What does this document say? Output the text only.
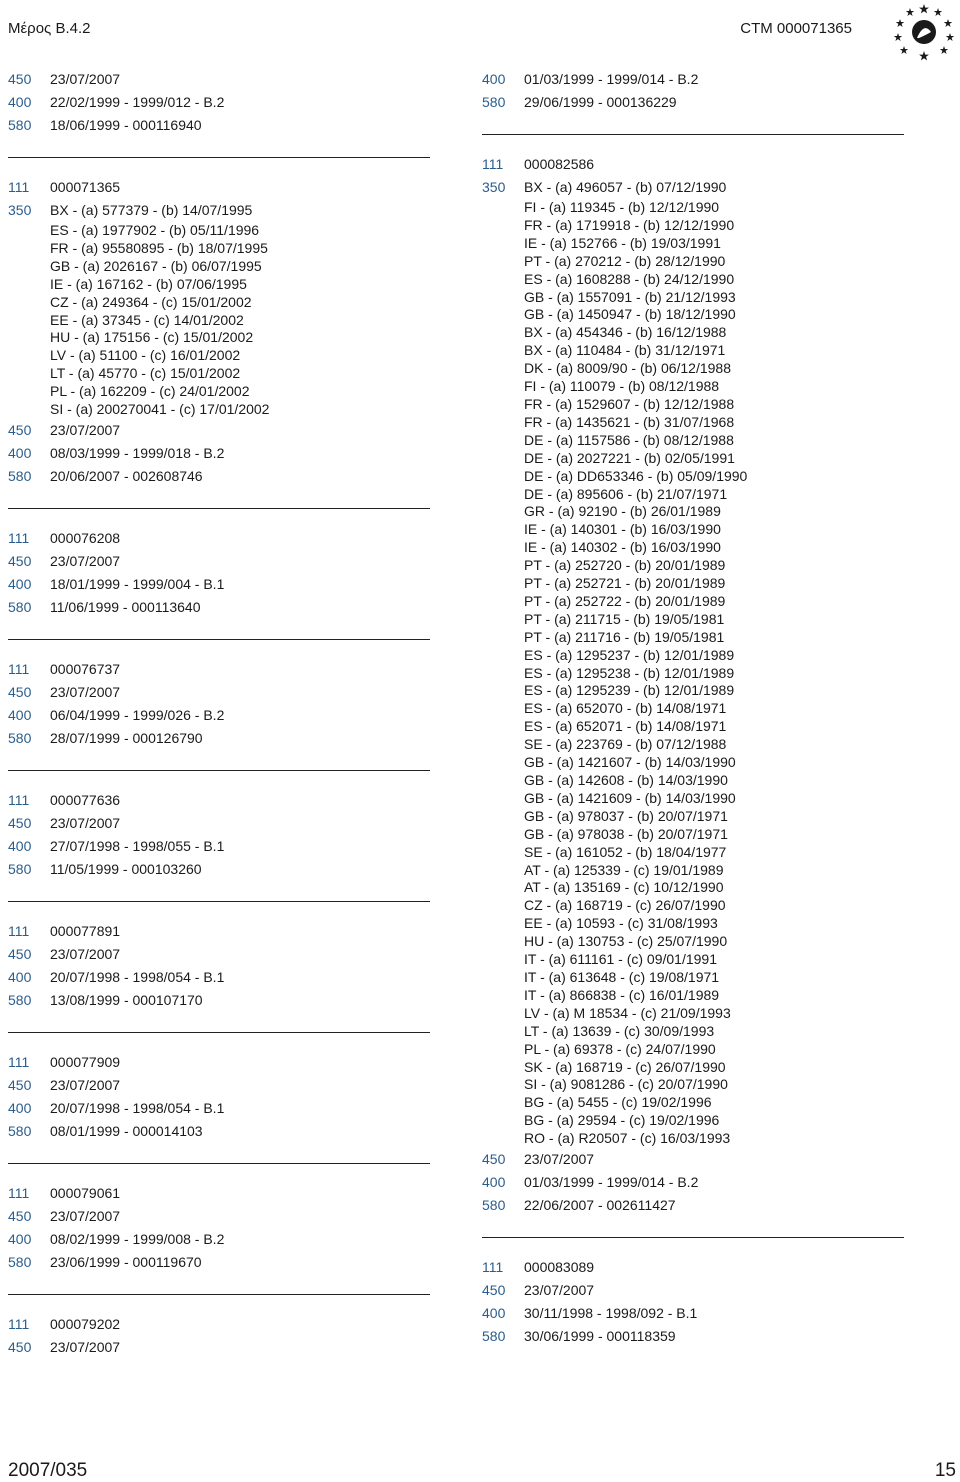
Μέρος Β.4.2	CTM 000071365
450	23/07/2007
400	22/02/1999 - 1999/012 - B.2
580	18/06/1999 - 000116940
111	000071365
350	BX - (a) 577379 - (b) 14/07/1995
ES - (a) 1977902 - (b) 05/11/1996
FR - (a) 95580895 - (b) 18/07/1995
GB - (a) 2026167 - (b) 06/07/1995
IE - (a) 167162 - (b) 07/06/1995
CZ - (a) 249364 - (c) 15/01/2002
EE - (a) 37345 - (c) 14/01/2002
HU - (a) 175156 - (c) 15/01/2002
LV - (a) 51100 - (c) 16/01/2002
LT - (a) 45770 - (c) 15/01/2002
PL - (a) 162209 - (c) 24/01/2002
SI - (a) 200270041 - (c) 17/01/2002
450	23/07/2007
400	08/03/1999 - 1999/018 - B.2
580	20/06/2007 - 002608746
111	000076208
450	23/07/2007
400	18/01/1999 - 1999/004 - B.1
580	11/06/1999 - 000113640
111	000076737
450	23/07/2007
400	06/04/1999 - 1999/026 - B.2
580	28/07/1999 - 000126790
111	000077636
450	23/07/2007
400	27/07/1998 - 1998/055 - B.1
580	11/05/1999 - 000103260
111	000077891
450	23/07/2007
400	20/07/1998 - 1998/054 - B.1
580	13/08/1999 - 000107170
111	000077909
450	23/07/2007
400	20/07/1998 - 1998/054 - B.1
580	08/01/1999 - 000014103
111	000079061
450	23/07/2007
400	08/02/1999 - 1999/008 - B.2
580	23/06/1999 - 000119670
111	000079202
450	23/07/2007
400	01/03/1999 - 1999/014 - B.2
580	29/06/1999 - 000136229
111	000082586
350	BX - (a) 496057 - (b) 07/12/1990
FI - (a) 119345 - (b) 12/12/1990
FR - (a) 1719918 - (b) 12/12/1990
IE - (a) 152766 - (b) 19/03/1991
PT - (a) 270212 - (b) 28/12/1990
ES - (a) 1608288 - (b) 24/12/1990
GB - (a) 1557091 - (b) 21/12/1993
GB - (a) 1450947 - (b) 18/12/1990
BX - (a) 454346 - (b) 16/12/1988
BX - (a) 110484 - (b) 31/12/1971
DK - (a) 8009/90 - (b) 06/12/1988
FI - (a) 110079 - (b) 08/12/1988
FR - (a) 1529607 - (b) 12/12/1988
FR - (a) 1435621 - (b) 31/07/1968
DE - (a) 1157586 - (b) 08/12/1988
DE - (a) 2027221 - (b) 02/05/1991
DE - (a) DD653346 - (b) 05/09/1990
DE - (a) 895606 - (b) 21/07/1971
GR - (a) 92190 - (b) 26/01/1989
IE - (a) 140301 - (b) 16/03/1990
IE - (a) 140302 - (b) 16/03/1990
PT - (a) 252720 - (b) 20/01/1989
PT - (a) 252721 - (b) 20/01/1989
PT - (a) 252722 - (b) 20/01/1989
PT - (a) 211715 - (b) 19/05/1981
PT - (a) 211716 - (b) 19/05/1981
ES - (a) 1295237 - (b) 12/01/1989
ES - (a) 1295238 - (b) 12/01/1989
ES - (a) 1295239 - (b) 12/01/1989
ES - (a) 652070 - (b) 14/08/1971
ES - (a) 652071 - (b) 14/08/1971
SE - (a) 223769 - (b) 07/12/1988
GB - (a) 1421607 - (b) 14/03/1990
GB - (a) 142608 - (b) 14/03/1990
GB - (a) 1421609 - (b) 14/03/1990
GB - (a) 978037 - (b) 20/07/1971
GB - (a) 978038 - (b) 20/07/1971
SE - (a) 161052 - (b) 18/04/1977
AT - (a) 125339 - (c) 19/01/1989
AT - (a) 135169 - (c) 10/12/1990
CZ - (a) 168719 - (c) 26/07/1990
EE - (a) 10593 - (c) 31/08/1993
HU - (a) 130753 - (c) 25/07/1990
IT - (a) 611161 - (c) 09/01/1991
IT - (a) 613648 - (c) 19/08/1971
IT - (a) 866838 - (c) 16/01/1989
LV - (a) M 18534 - (c) 21/09/1993
LT - (a) 13639 - (c) 30/09/1993
PL - (a) 69378 - (c) 24/07/1990
SK - (a) 168719 - (c) 26/07/1990
SI - (a) 9081286 - (c) 20/07/1990
BG - (a) 5455 - (c) 19/02/1996
BG - (a) 29594 - (c) 19/02/1996
RO - (a) R20507 - (c) 16/03/1993
450	23/07/2007
400	01/03/1999 - 1999/014 - B.2
580	22/06/2007 - 002611427
111	000083089
450	23/07/2007
400	30/11/1998 - 1998/092 - B.1
580	30/06/1999 - 000118359
2007/035	15
